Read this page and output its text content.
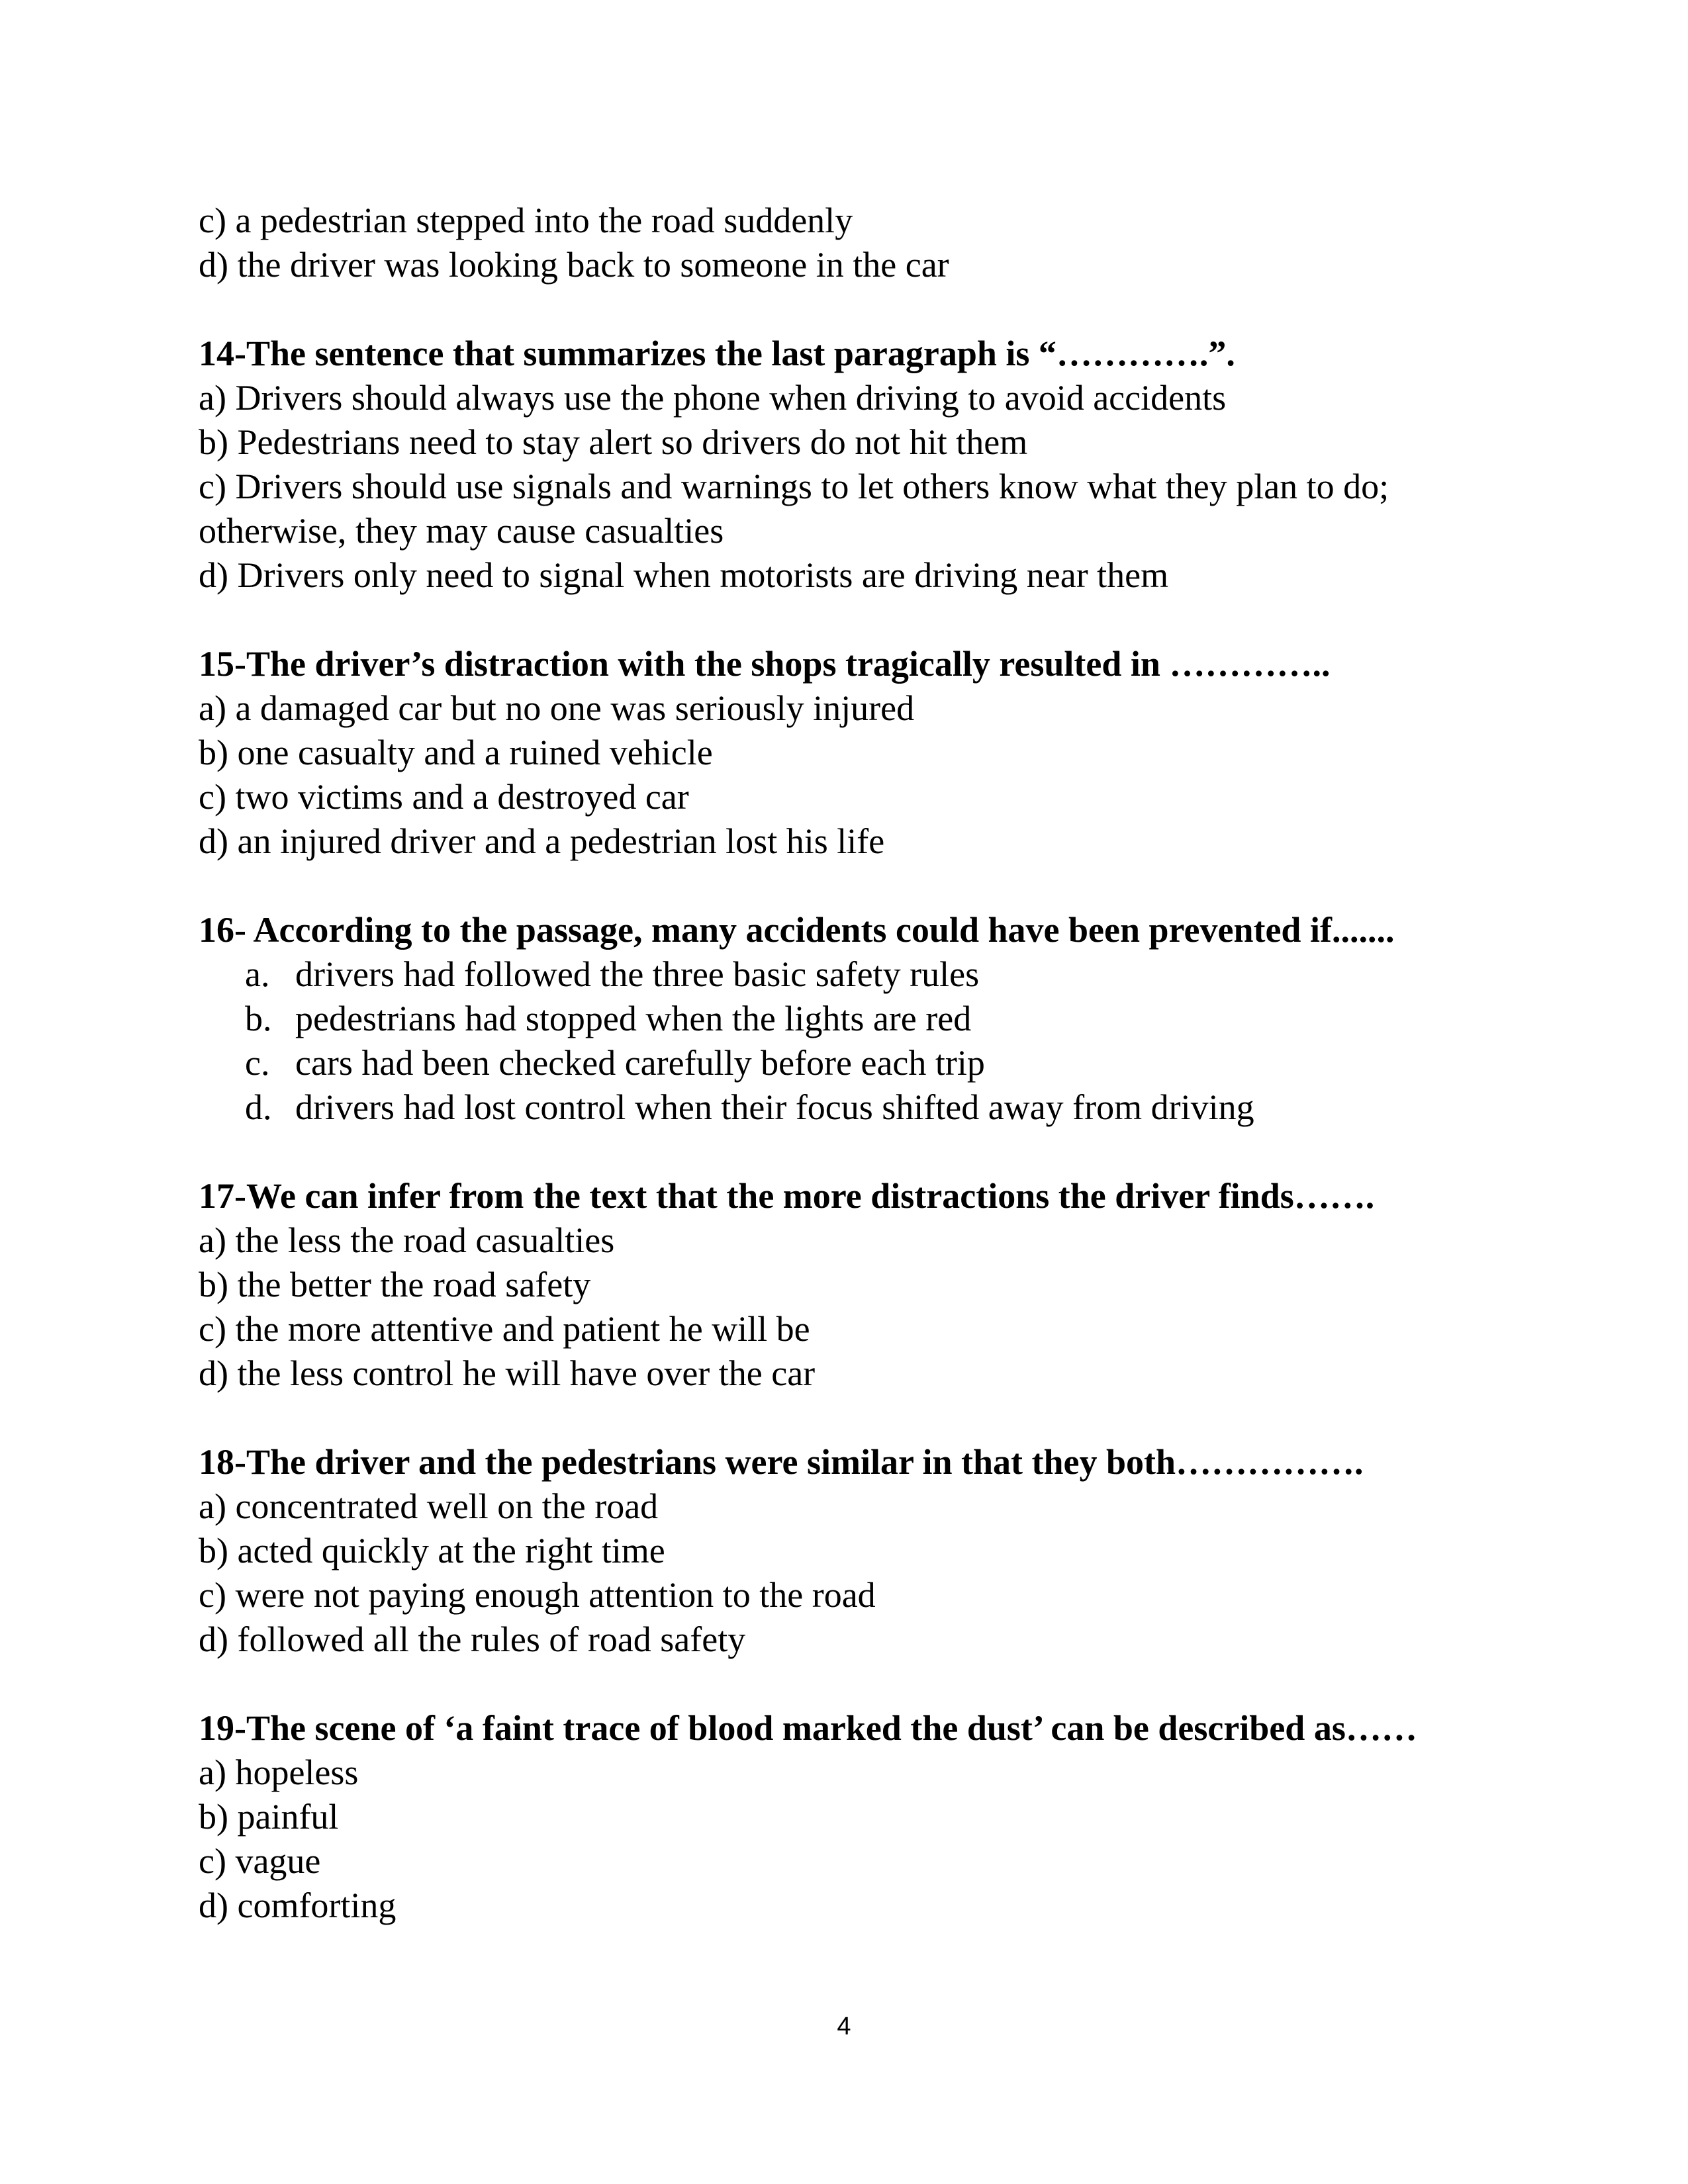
c) a pedestrian stepped into the road suddenly
d) the driver was looking back to someone in the car
14-The sentence that summarizes the last paragraph is “………….”.
a) Drivers should always use the phone when driving to avoid accidents
b) Pedestrians need to stay alert so drivers do not hit them
c) Drivers should use signals and warnings to let others know what they plan to do; otherwise, they may cause casualties
d) Drivers only need to signal when motorists are driving near them
15-The driver’s distraction with the shops tragically resulted in …………..
a) a damaged car but no one was seriously injured
b) one casualty and a ruined vehicle
c) two victims and a destroyed car
d) an injured driver and a pedestrian lost his life
16- According to the passage, many accidents could have been prevented if.......
a. drivers had followed the three basic safety rules
b. pedestrians had stopped when the lights are red
c. cars had been checked carefully before each trip
d. drivers had lost control when their focus shifted away from driving
17-We can infer from the text that the more distractions the driver finds…….
a) the less the road casualties
b) the better the road safety
c) the more attentive and patient he will be
d) the less control he will have over the car
18-The driver and the pedestrians were similar in that they both…………….
a) concentrated well on the road
b) acted quickly at the right time
c) were not paying enough attention to the road
d) followed all the rules of road safety
19-The scene of ‘a faint trace of blood marked the dust’ can be described as……
a) hopeless
b) painful
c) vague
d) comforting
4
